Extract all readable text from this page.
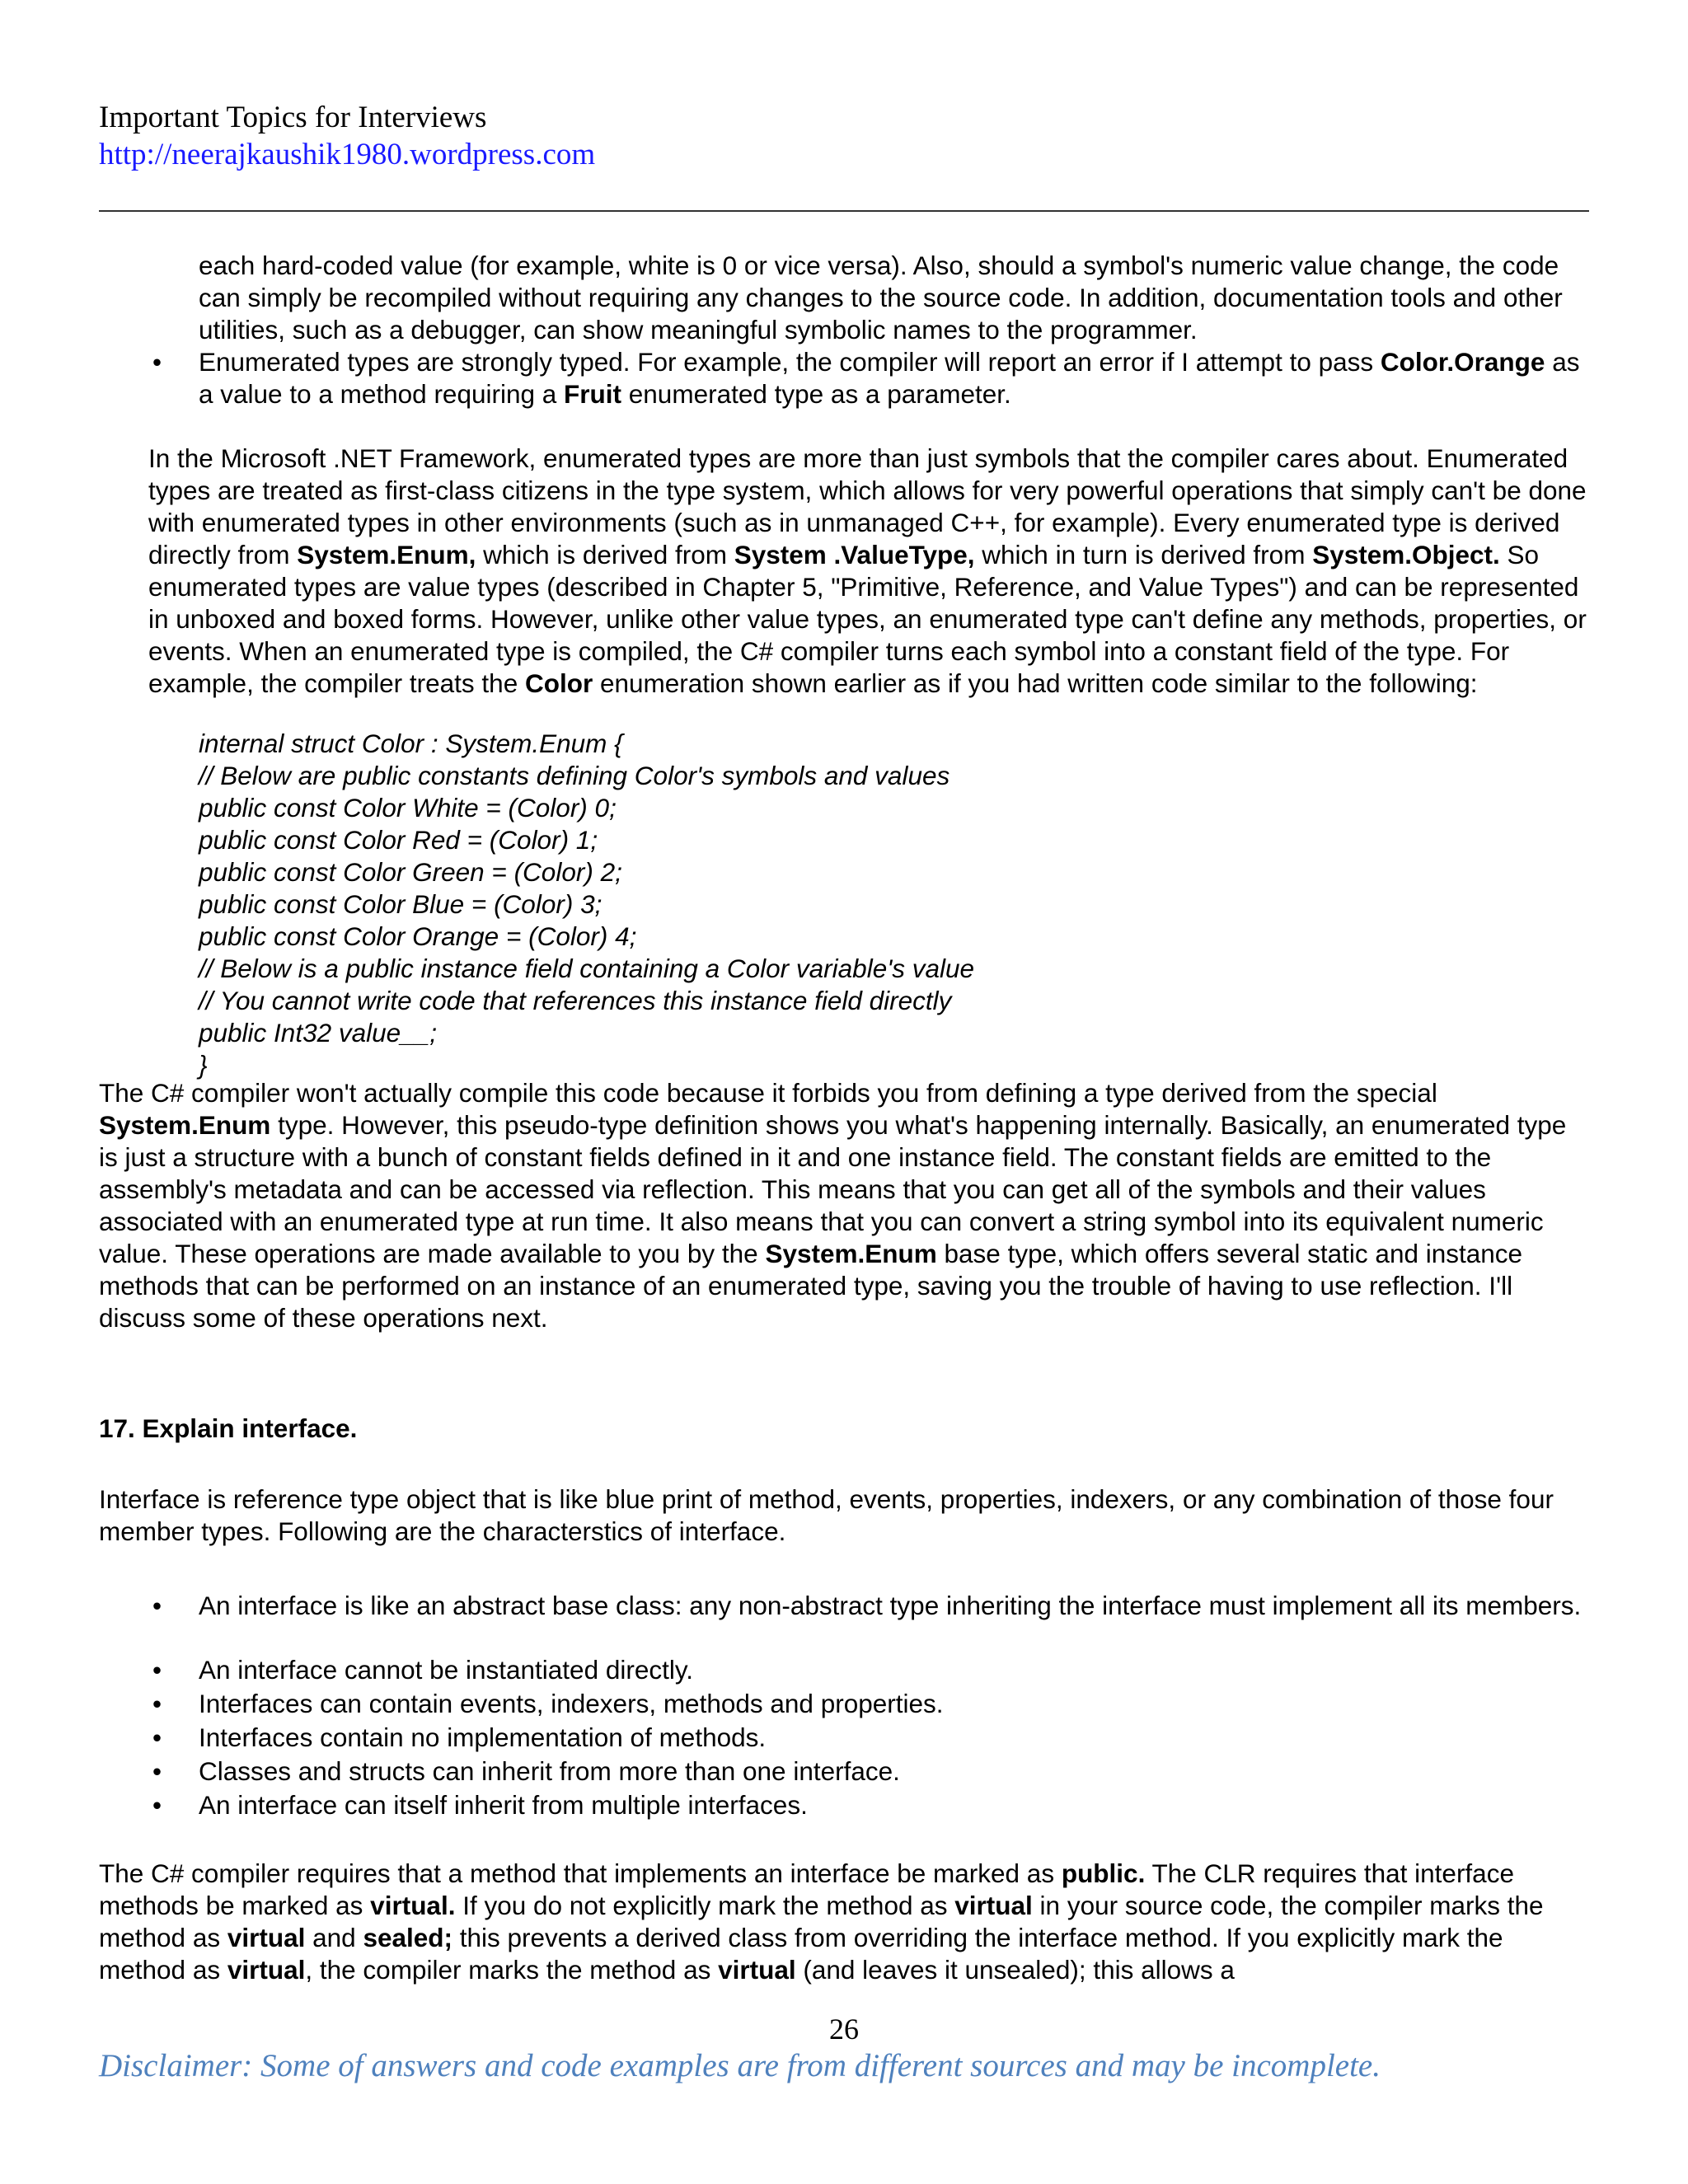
Important Topics for Interviews
http://neerajkaushik1980.wordpress.com

each hard-coded value (for example, white is 0 or vice versa). Also, should a symbol's numeric value change, the code can simply be recompiled without requiring any changes to the source code. In addition, documentation tools and other utilities, such as a debugger, can show meaningful symbolic names to the programmer.

• Enumerated types are strongly typed. For example, the compiler will report an error if I attempt to pass Color.Orange as a value to a method requiring a Fruit enumerated type as a parameter.

In the Microsoft .NET Framework, enumerated types are more than just symbols that the compiler cares about. Enumerated types are treated as first-class citizens in the type system, which allows for very powerful operations that simply can't be done with enumerated types in other environments (such as in unmanaged C++, for example). Every enumerated type is derived directly from System.Enum, which is derived from System .ValueType, which in turn is derived from System.Object. So enumerated types are value types (described in Chapter 5, "Primitive, Reference, and Value Types") and can be represented in unboxed and boxed forms. However, unlike other value types, an enumerated type can't define any methods, properties, or events. When an enumerated type is compiled, the C# compiler turns each symbol into a constant field of the type. For example, the compiler treats the Color enumeration shown earlier as if you had written code similar to the following:

internal struct Color : System.Enum {
// Below are public constants defining Color's symbols and values
public const Color White = (Color) 0;
public const Color Red = (Color) 1;
public const Color Green = (Color) 2;
public const Color Blue = (Color) 3;
public const Color Orange = (Color) 4;
// Below is a public instance field containing a Color variable's value
// You cannot write code that references this instance field directly
public Int32 value__;
}

The C# compiler won't actually compile this code because it forbids you from defining a type derived from the special System.Enum type. However, this pseudo-type definition shows you what's happening internally. Basically, an enumerated type is just a structure with a bunch of constant fields defined in it and one instance field. The constant fields are emitted to the assembly's metadata and can be accessed via reflection. This means that you can get all of the symbols and their values associated with an enumerated type at run time. It also means that you can convert a string symbol into its equivalent numeric value. These operations are made available to you by the System.Enum base type, which offers several static and instance methods that can be performed on an instance of an enumerated type, saving you the trouble of having to use reflection. I'll discuss some of these operations next.

17. Explain interface.

Interface is reference type object that is like blue print of method, events, properties, indexers, or any combination of those four member types. Following are the characterstics of interface.

• An interface is like an abstract base class: any non-abstract type inheriting the interface must implement all its members.

• An interface cannot be instantiated directly.

• Interfaces can contain events, indexers, methods and properties.

• Interfaces contain no implementation of methods.

• Classes and structs can inherit from more than one interface.

• An interface can itself inherit from multiple interfaces.

The C# compiler requires that a method that implements an interface be marked as public. The CLR requires that interface methods be marked as virtual. If you do not explicitly mark the method as virtual in your source code, the compiler marks the method as virtual and sealed; this prevents a derived class from overriding the interface method. If you explicitly mark the method as virtual, the compiler marks the method as virtual (and leaves it unsealed); this allows a

26
Disclaimer: Some of answers and code examples are from different sources and may be incomplete.
